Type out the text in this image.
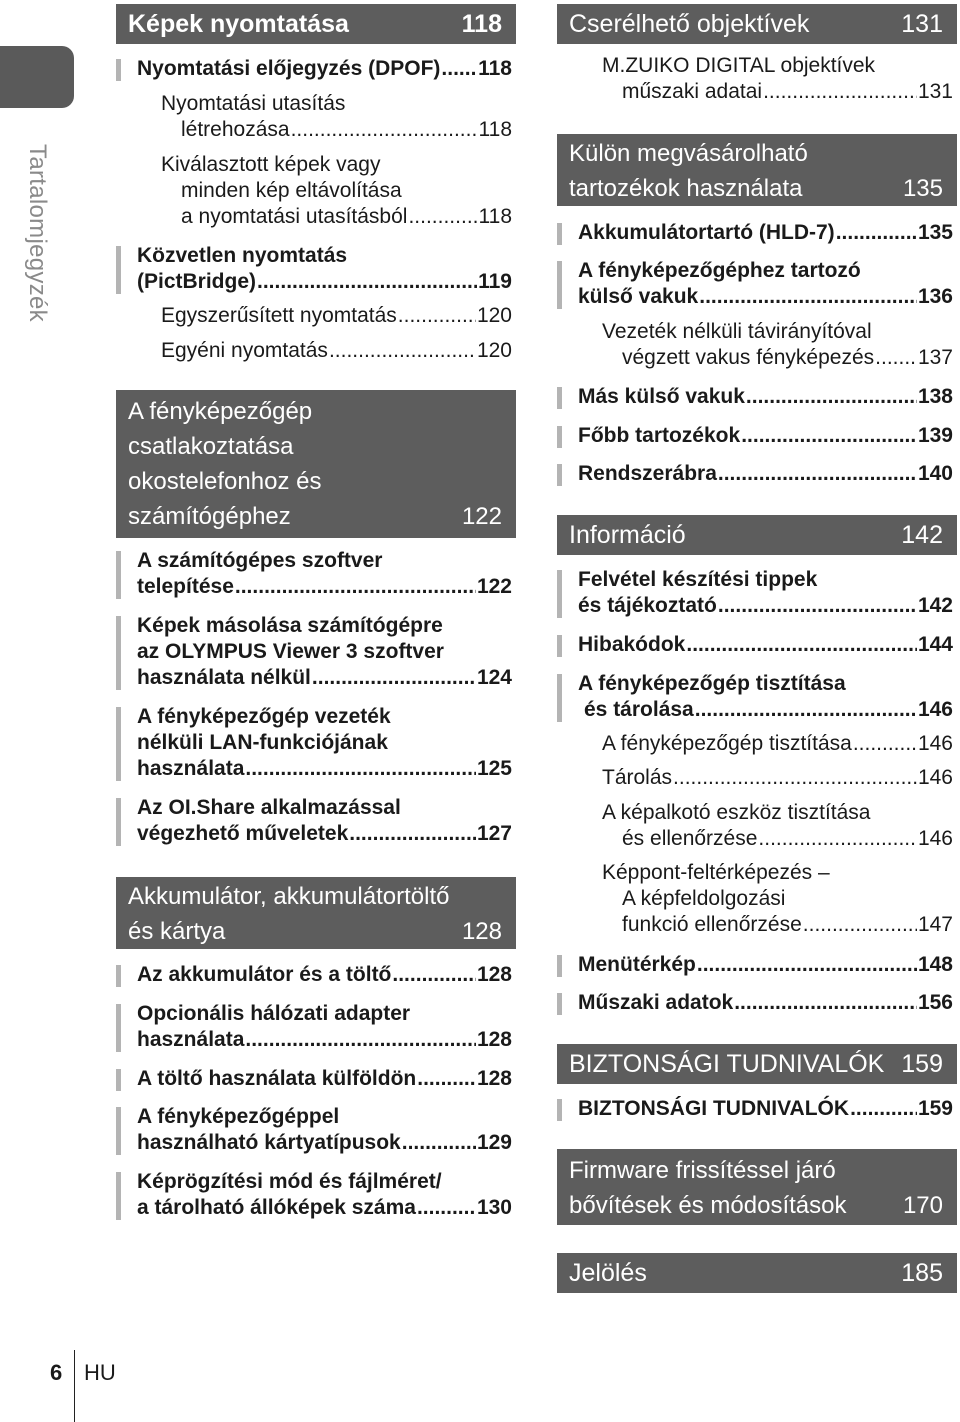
Tartalomjegyzék
6 HU
Képek nyomtatása	118
Nyomtatási előjegyzés (DPOF) ..... 118
Nyomtatási utasítás
létrehozása .....	118
Kiválasztott képek vagy
minden kép eltávolítása
a nyomtatási utasításból .....	118
Közvetlen nyomtatás
(PictBridge) .....	119
Egyszerűsített nyomtatás .....	120
Egyéni nyomtatás .....	120
A fényképezőgép
csatlakoztatása
okostelefonhoz és
számítógéphez	122
A számítógépes szoftver
telepítése .....	122
Képek másolása számítógépre
az OLYMPUS Viewer 3 szoftver
használata nélkül .....	124
A fényképezőgép vezeték
nélküli LAN-funkciójának
használata .....	125
Az OI.Share alkalmazással
végezhető műveletek .....	127
Akkumulátor, akkumulátortöltő
és kártya	128
Az akkumulátor és a töltő .....	128
Opcionális hálózati adapter
használata .....	128
A töltő használata külföldön .....	128
A fényképezőgéppel
használható kártyatípusok .....	129
Képrögzítési mód és fájlméret/
a tárolható állóképek száma .....	130
Cserélhető objektívek	131
M.ZUIKO DIGITAL objektívek
műszaki adatai .....	131
Külön megvásárolható
tartozékok használata	135
Akkumulátortartó (HLD-7) .....	135
A fényképezőgéphez tartozó
külső vakuk .....	136
Vezeték nélküli távirányítóval
végzett vakus fényképezés ..... 137
Más külső vakuk .....	138
Főbb tartozékok .....	139
Rendszerábra .....	140
Információ	142
Felvétel készítési tippek
és tájékoztató .....	142
Hibakódok .....	144
A fényképezőgép tisztítása
és tárolása .....	146
A fényképezőgép tisztítása .....	146
Tárolás .....	146
A képalkotó eszköz tisztítása
és ellenőrzése .....	146
Képpont-feltérképezés –
A képfeldolgozási
funkció ellenőrzése .....	147
Menütérkép .....	148
Műszaki adatok .....	156
BIZTONSÁGI TUDNIVALÓK 159
BIZTONSÁGI TUDNIVALÓK .....	159
Firmware frissítéssel járó
bővítések és módosítások 170
Jelölés	185
